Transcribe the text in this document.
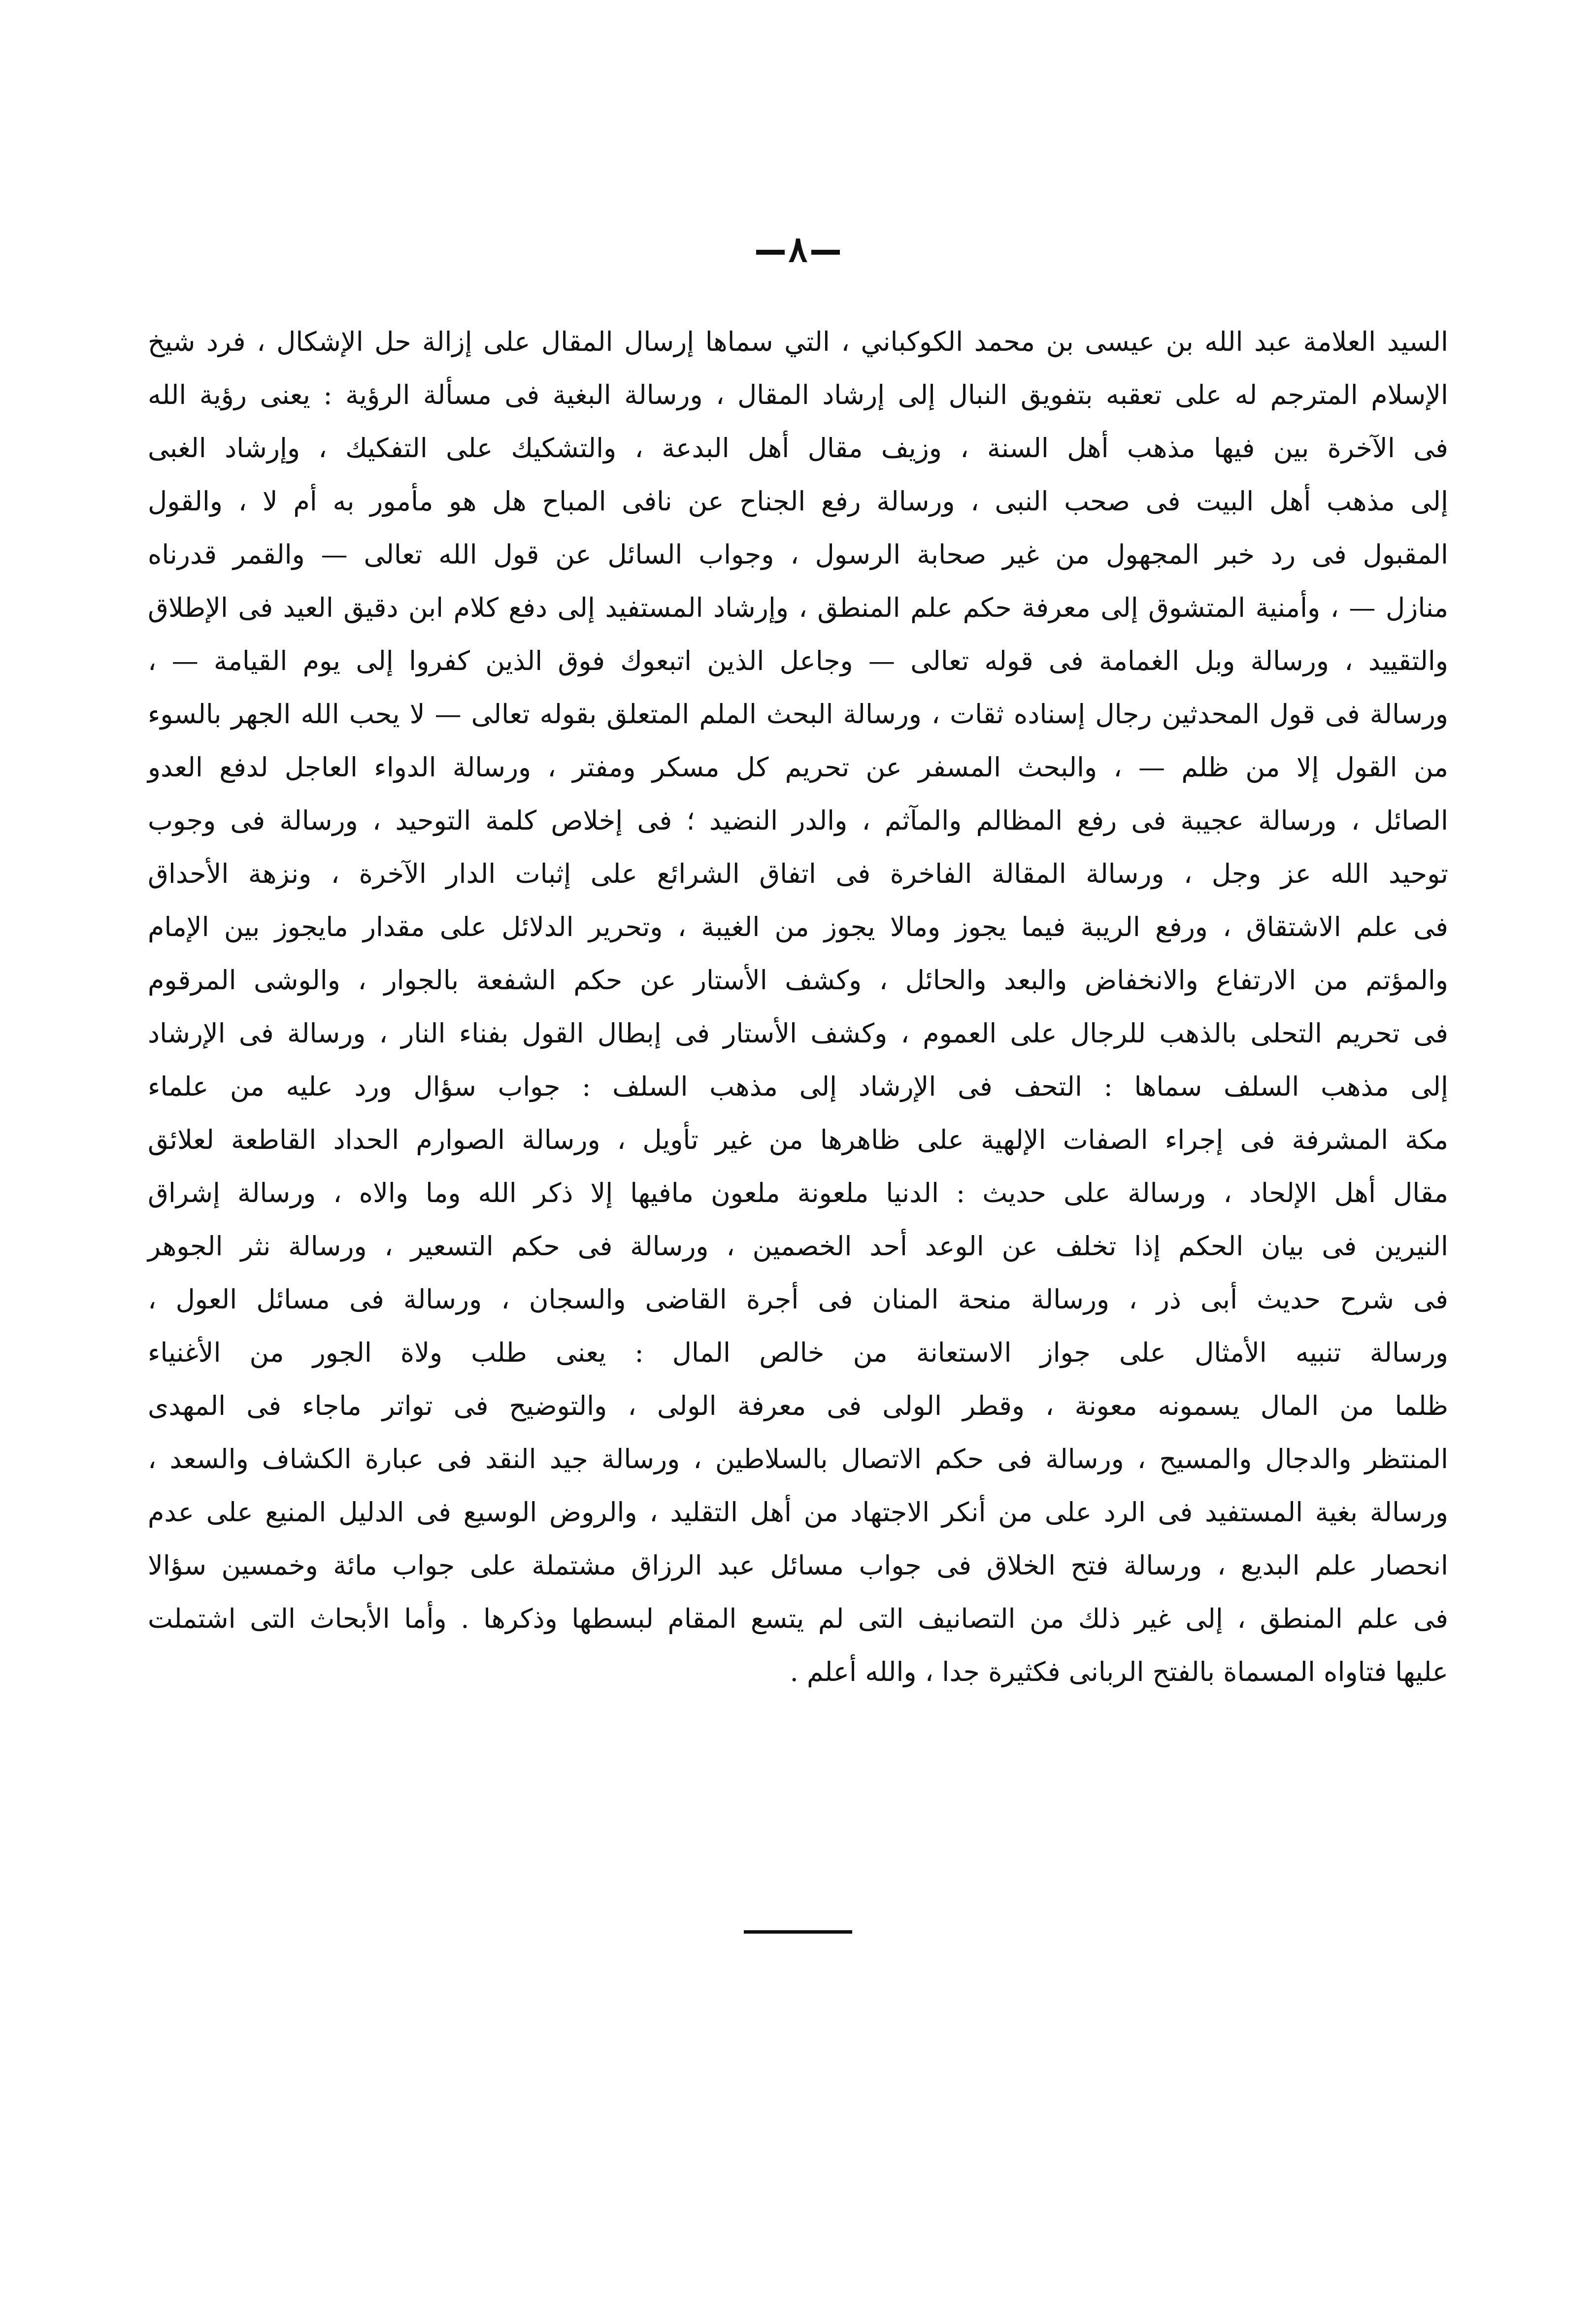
٨
السيد العلامة عبد الله بن عيسى بن محمد الكوكباني ، التي سماها إرسال المقال على إزالة حل الإشكال ، فرد شيخ
الإسلام المترجم له على تعقبه بتفويق النبال إلى إرشاد المقال ، ورسالة البغية فى مسألة الرؤية : يعنى رؤية الله
فى الآخرة بين فيها مذهب أهل السنة ، وزيف مقال أهل البدعة ، والتشكيك على التفكيك ، وإرشاد الغبى
إلى مذهب أهل البيت فى صحب النبى ، ورسالة رفع الجناح عن نافى المباح هل هو مأمور به أم لا ، والقول
المقبول فى رد خبر المجهول من غير صحابة الرسول ، وجواب السائل عن قول الله تعالى — والقمر قدرناه
منازل — ، وأمنية المتشوق إلى معرفة حكم علم المنطق ، وإرشاد المستفيد إلى دفع كلام ابن دقيق العيد فى الإطلاق
والتقييد ، ورسالة وبل الغمامة فى قوله تعالى — وجاعل الذين اتبعوك فوق الذين كفروا إلى يوم القيامة — ،
ورسالة فى قول المحدثين رجال إسناده ثقات ، ورسالة البحث الملم المتعلق بقوله تعالى — لا يحب الله الجهر بالسوء
من القول إلا من ظلم — ، والبحث المسفر عن تحريم كل مسكر ومفتر ، ورسالة الدواء العاجل لدفع العدو
الصائل ، ورسالة عجيبة فى رفع المظالم والمآثم ، والدر النضيد ؛ فى إخلاص كلمة التوحيد ، ورسالة فى وجوب
توحيد الله عز وجل ، ورسالة المقالة الفاخرة فى اتفاق الشرائع على إثبات الدار الآخرة ، ونزهة الأحداق
فى علم الاشتقاق ، ورفع الريبة فيما يجوز ومالا يجوز من الغيبة ، وتحرير الدلائل على مقدار مايجوز بين الإمام
والمؤتم من الارتفاع والانخفاض والبعد والحائل ، وكشف الأستار عن حكم الشفعة بالجوار ، والوشى المرقوم
فى تحريم التحلى بالذهب للرجال على العموم ، وكشف الأستار فى إبطال القول بفناء النار ، ورسالة فى الإرشاد
إلى مذهب السلف سماها : التحف فى الإرشاد إلى مذهب السلف : جواب سؤال ورد عليه من علماء
مكة المشرفة فى إجراء الصفات الإلهية على ظاهرها من غير تأويل ، ورسالة الصوارم الحداد القاطعة لعلائق
مقال أهل الإلحاد ، ورسالة على حديث : الدنيا ملعونة ملعون مافيها إلا ذكر الله وما والاه ، ورسالة إشراق
النيرين فى بيان الحكم إذا تخلف عن الوعد أحد الخصمين ، ورسالة فى حكم التسعير ، ورسالة نثر الجوهر
فى شرح حديث أبى ذر ، ورسالة منحة المنان فى أجرة القاضى والسجان ، ورسالة فى مسائل العول ،
ورسالة تنبيه الأمثال على جواز الاستعانة من خالص المال : يعنى طلب ولاة الجور من الأغنياء
ظلما من المال يسمونه معونة ، وقطر الولى فى معرفة الولى ، والتوضيح فى تواتر ماجاء فى المهدى
المنتظر والدجال والمسيح ، ورسالة فى حكم الاتصال بالسلاطين ، ورسالة جيد النقد فى عبارة الكشاف والسعد ،
ورسالة بغية المستفيد فى الرد على من أنكر الاجتهاد من أهل التقليد ، والروض الوسيع فى الدليل المنيع على عدم
انحصار علم البديع ، ورسالة فتح الخلاق فى جواب مسائل عبد الرزاق مشتملة على جواب مائة وخمسين سؤالا
فى علم المنطق ، إلى غير ذلك من التصانيف التى لم يتسع المقام لبسطها وذكرها . وأما الأبحاث التى اشتملت
عليها فتاواه المسماة بالفتح الربانى فكثيرة جدا ، والله أعلم .
